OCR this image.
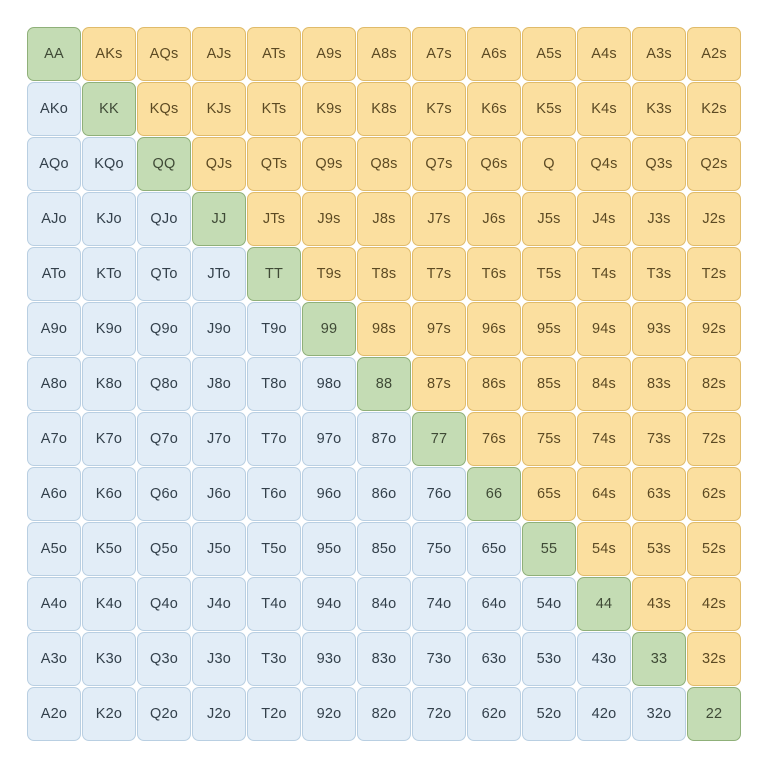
AA AKs AQs AJs ATs A9s A8s A7s A6s A5s A4s A3s A2s
AKo KK KQs KJs KTs K9s K8s K7s K6s K5s K4s K3s K2s
AQo KQo QQ QJs QTs Q9s Q8s Q7s Q6s Q Q4s Q3s Q2s
AJo KJo QJo JJ	JTs J9s J8s J7s J6s J5s J4s J3s J2s
ATo KTo QTo JTo TT T9s T8s T7s T6s T5s T4s T3s T2s
A9o K9o Q9o J9o T9o 99 98s 97s 96s 95s 94s 93s 92s
A8o K8o Q8o J8o T8o 98o 88 87s 86s 85s 84s 83s 82s
A7o K7o Q7o J7o T7o 97o 87o 77 76s 75s 74s 73s 72s
A6o K6o Q6o J6o T6o 96o 86o 76o 66 65s 64s 63s 62s
A5o K5o Q5o J5o T5o 95o 85o 75o 65o 55 54s 53s 52s
A4o K4o Q4o J4o T4o 94o 84o 74o 64o 54o 44 43s 42s
A3o K3o Q3o J3o T3o 93o 83o 73o 63o 53o 43o 33 32s
A2o K2o Q2o J2o T2o 92o 82o 72o 62o 52o 42o 32o 22
